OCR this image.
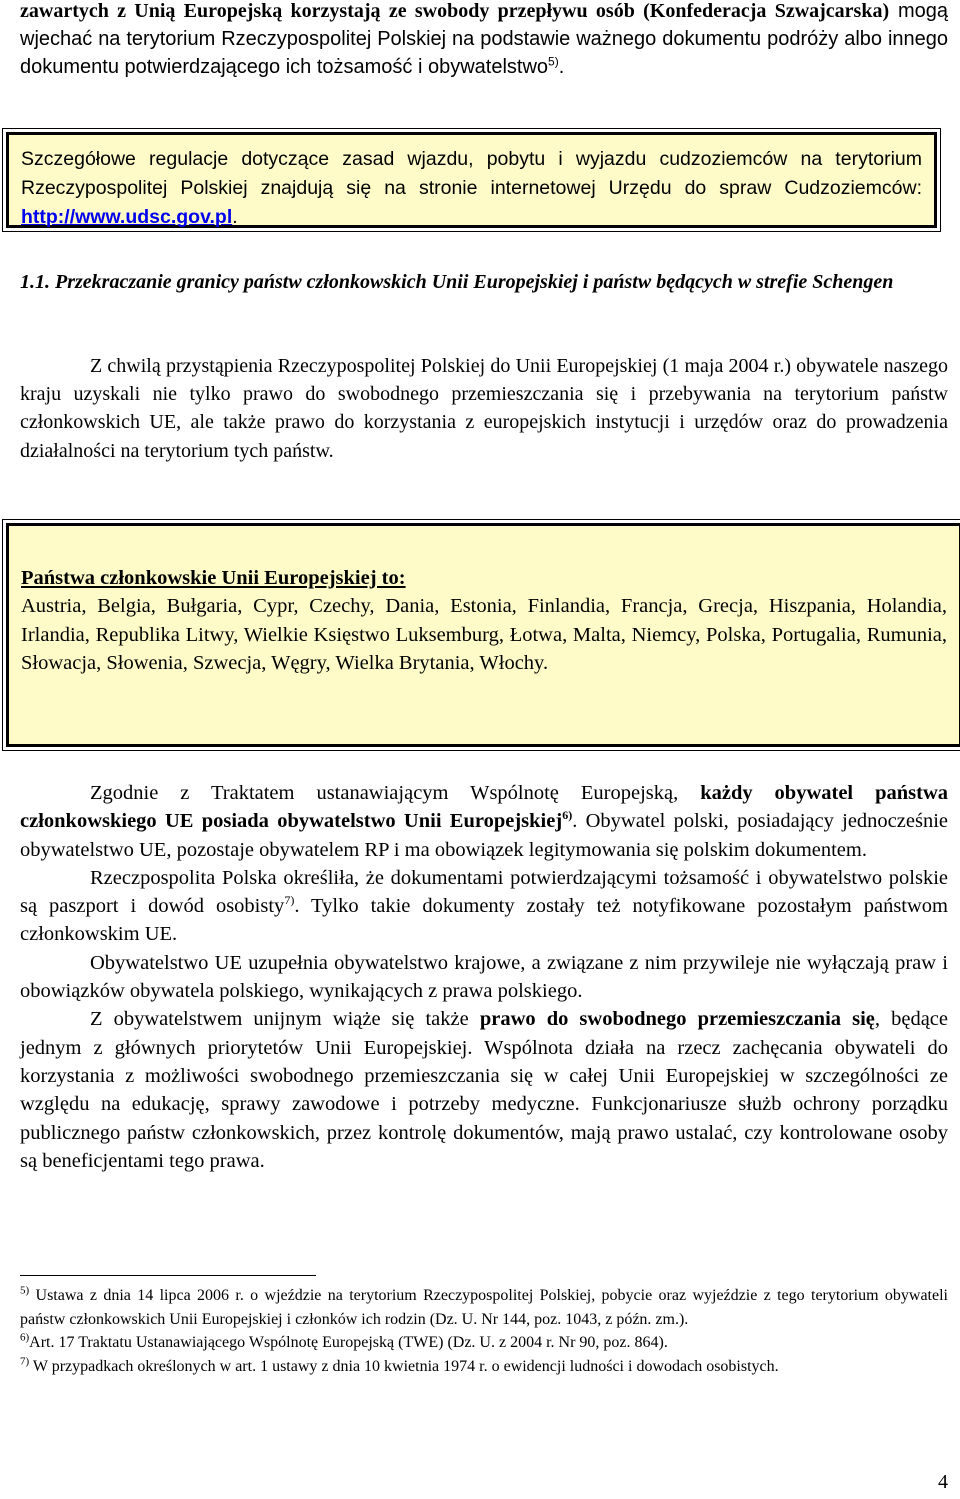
zawartych z Unią Europejską korzystają ze swobody przepływu osób (Konfederacja Szwajcarska) mogą wjechać na terytorium Rzeczypospolitej Polskiej na podstawie ważnego dokumentu podróży albo innego dokumentu potwierdzającego ich tożsamość i obywatelstwo$^{5)}$.

Szczegółowe regulacje dotyczące zasad wjazdu, pobytu i wyjazdu cudzoziemców na terytorium Rzeczypospolitej Polskiej znajdują się na stronie internetowej Urzędu do spraw Cudzoziemców: http://www.udsc.gov.pl.

1.1. Przekraczanie granicy państw członkowskich Unii Europejskiej i państw będących w strefie Schengen

Z chwilą przystąpienia Rzeczypospolitej Polskiej do Unii Europejskiej (1 maja 2004 r.) obywatele naszego kraju uzyskali nie tylko prawo do swobodnego przemieszczania się i przebywania na terytorium państw członkowskich UE, ale także prawo do korzystania z europejskich instytucji i urzędów oraz do prowadzenia działalności na terytorium tych państw.

Państwa członkowskie Unii Europejskiej to:
Austria, Belgia, Bułgaria, Cypr, Czechy, Dania, Estonia, Finlandia, Francja, Grecja, Hiszpania, Holandia, Irlandia, Republika Litwy, Wielkie Księstwo Luksemburg, Łotwa, Malta, Niemcy, Polska, Portugalia, Rumunia, Słowacja, Słowenia, Szwecja, Węgry, Wielka Brytania, Włochy.

Zgodnie z Traktatem ustanawiającym Wspólnotę Europejską, każdy obywatel państwa członkowskiego UE posiada obywatelstwo Unii Europejskiej$^{6)}$. Obywatel polski, posiadający jednocześnie obywatelstwo UE, pozostaje obywatelem RP i ma obowiązek legitymowania się polskim dokumentem.

Rzeczpospolita Polska określiła, że dokumentami potwierdzającymi tożsamość i obywatelstwo polskie są paszport i dowód osobisty$^{7)}$. Tylko takie dokumenty zostały też notyfikowane pozostałym państwom członkowskim UE.

Obywatelstwo UE uzupełnia obywatelstwo krajowe, a związane z nim przywileje nie wyłączają praw i obowiązków obywatela polskiego, wynikających z prawa polskiego.

Z obywatelstwem unijnym wiąże się także prawo do swobodnego przemieszczania się, będące jednym z głównych priorytetów Unii Europejskiej. Wspólnota działa na rzecz zachęcania obywateli do korzystania z możliwości swobodnego przemieszczania się w całej Unii Europejskiej w szczególności ze względu na edukację, sprawy zawodowe i potrzeby medyczne. Funkcjonariusze służb ochrony porządku publicznego państw członkowskich, przez kontrolę dokumentów, mają prawo ustalać, czy kontrolowane osoby są beneficjentami tego prawa.

$^{5)}$ Ustawa z dnia 14 lipca 2006 r. o wjeździe na terytorium Rzeczypospolitej Polskiej, pobycie oraz wyjeździe z tego terytorium obywateli państw członkowskich Unii Europejskiej i członków ich rodzin (Dz. U. Nr 144, poz. 1043, z późn. zm.).

$^{6)}$Art. 17 Traktatu Ustanawiającego Wspólnotę Europejską (TWE) (Dz. U. z 2004 r. Nr 90, poz. 864).

$^{7)}$ W przypadkach określonych w art. 1 ustawy z dnia 10 kwietnia 1974 r. o ewidencji ludności i dowodach osobistych.

4
